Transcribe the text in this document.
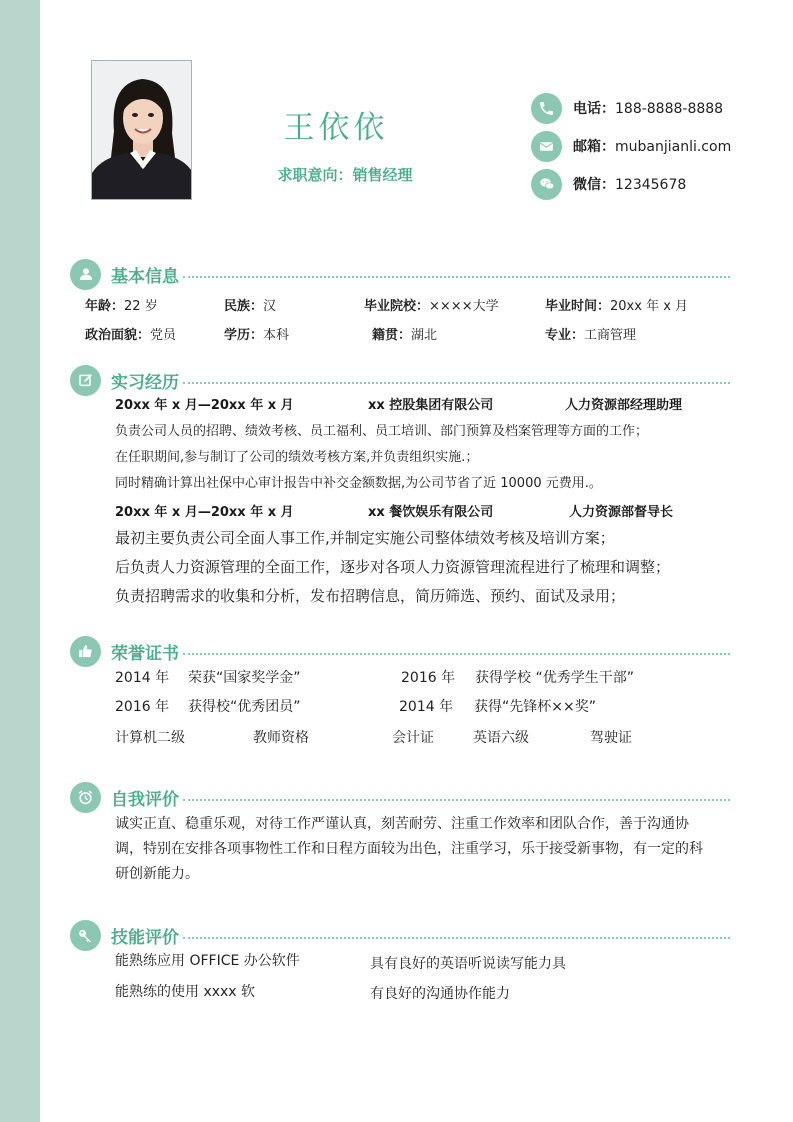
王依依
求职意向：销售经理
电话：188-8888-8888
邮箱：mubanjianli.com
微信：12345678
基本信息
年龄：22 岁	民族：汉	毕业院校：××××大学	毕业时间：20xx 年 x 月
政治面貌：党员	学历：本科	籍贯：湖北	专业：工商管理
实习经历
20xx 年 x 月—20xx 年 x 月	xx 控股集团有限公司	人力资源部经理助理
负责公司人员的招聘、绩效考核、员工福利、员工培训、部门预算及档案管理等方面的工作；
在任职期间,参与制订了公司的绩效考核方案,并负责组织实施.；
同时精确计算出社保中心审计报告中补交金额数据,为公司节省了近 10000 元费用.。
20xx 年 x 月—20xx 年 x 月	xx 餐饮娱乐有限公司	人力资源部督导长
最初主要负责公司全面人事工作,并制定实施公司整体绩效考核及培训方案；
后负责人力资源管理的全面工作，逐步对各项人力资源管理流程进行了梳理和调整；
负责招聘需求的收集和分析，发布招聘信息，简历筛选、预约、面试及录用；
荣誉证书
2014 年 荣获“国家奖学金”	2016 年 获得学校 “优秀学生干部”
2016 年 获得校“优秀团员”	2014 年 获得“先锋杯××奖”
计算机二级	教师资格	会计证	英语六级	驾驶证
自我评价
诚实正直、稳重乐观，对待工作严谨认真，刻苦耐劳、注重工作效率和团队合作，善于沟通协调，特别在安排各项事物性工作和日程方面较为出色，注重学习，乐于接受新事物，有一定的科研创新能力。
技能评价
能熟练应用 OFFICE 办公软件	具有良好的英语听说读写能力具
能熟练的使用 xxxx 软	有良好的沟通协作能力
